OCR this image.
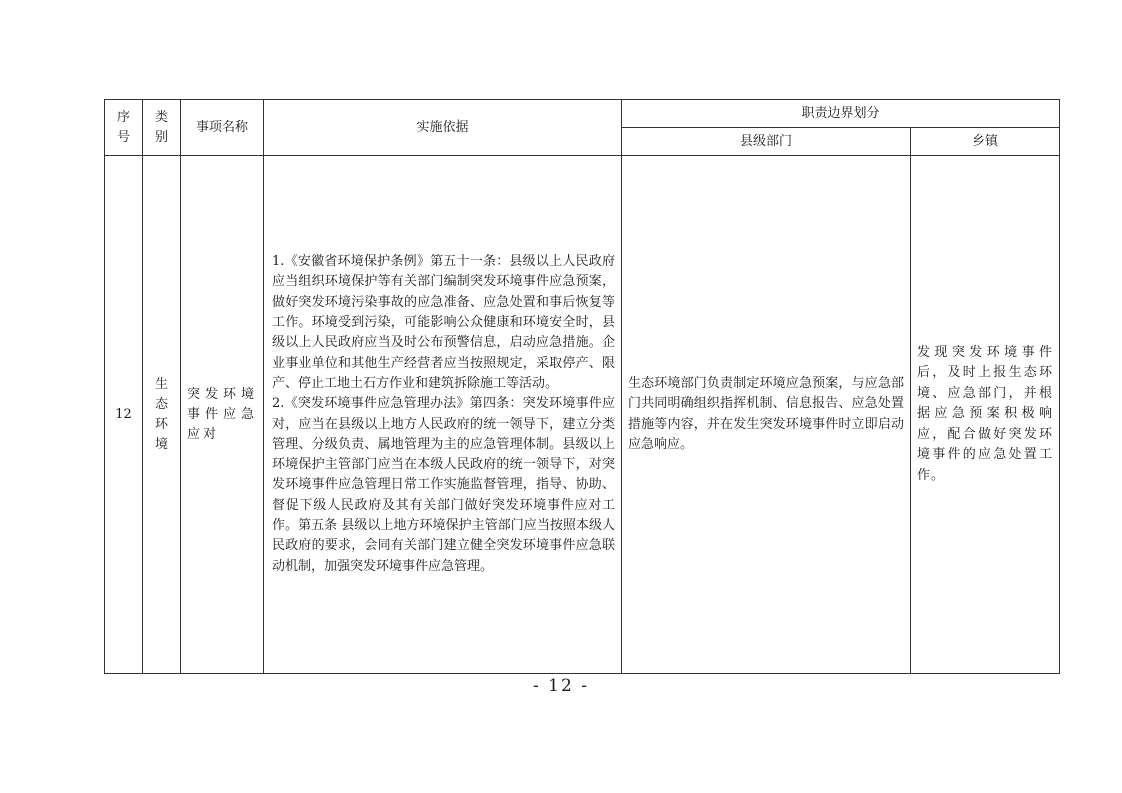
序号	类别	事项名称	实施依据	职责边界划分	
				县级部门	乡镇
12	生态环境	突发环境事件应急应对	1.《安徽省环境保护条例》第五十一条：县级以上人民政府应当组织环境保护等有关部门编制突发环境事件应急预案，做好突发环境污染事故的应急准备、应急处置和事后恢复等工作。环境受到污染，可能影响公众健康和环境安全时，县级以上人民政府应当及时公布预警信息，启动应急措施。企业事业单位和其他生产经营者应当按照规定，采取停产、限产、停止工地土石方作业和建筑拆除施工等活动。

2.《突发环境事件应急管理办法》第四条：突发环境事件应对，应当在县级以上地方人民政府的统一领导下，建立分类管理、分级负责、属地管理为主的应急管理体制。县级以上环境保护主管部门应当在本级人民政府的统一领导下，对突发环境事件应急管理日常工作实施监督管理，指导、协助、督促下级人民政府及其有关部门做好突发环境事件应对工作。第五条 县级以上地方环境保护主管部门应当按照本级人民政府的要求，会同有关部门建立健全突发环境事件应急联动机制，加强突发环境事件应急管理。	生态环境部门负责制定环境应急预案，与应急部门共同明确组织指挥机制、信息报告、应急处置措施等内容，并在发生突发环境事件时立即启动应急响应。	发现突发环境事件后，及时上报生态环境、应急部门，并根据应急预案积极响应，配合做好突发环境事件的应急处置工作。
- 12 -
